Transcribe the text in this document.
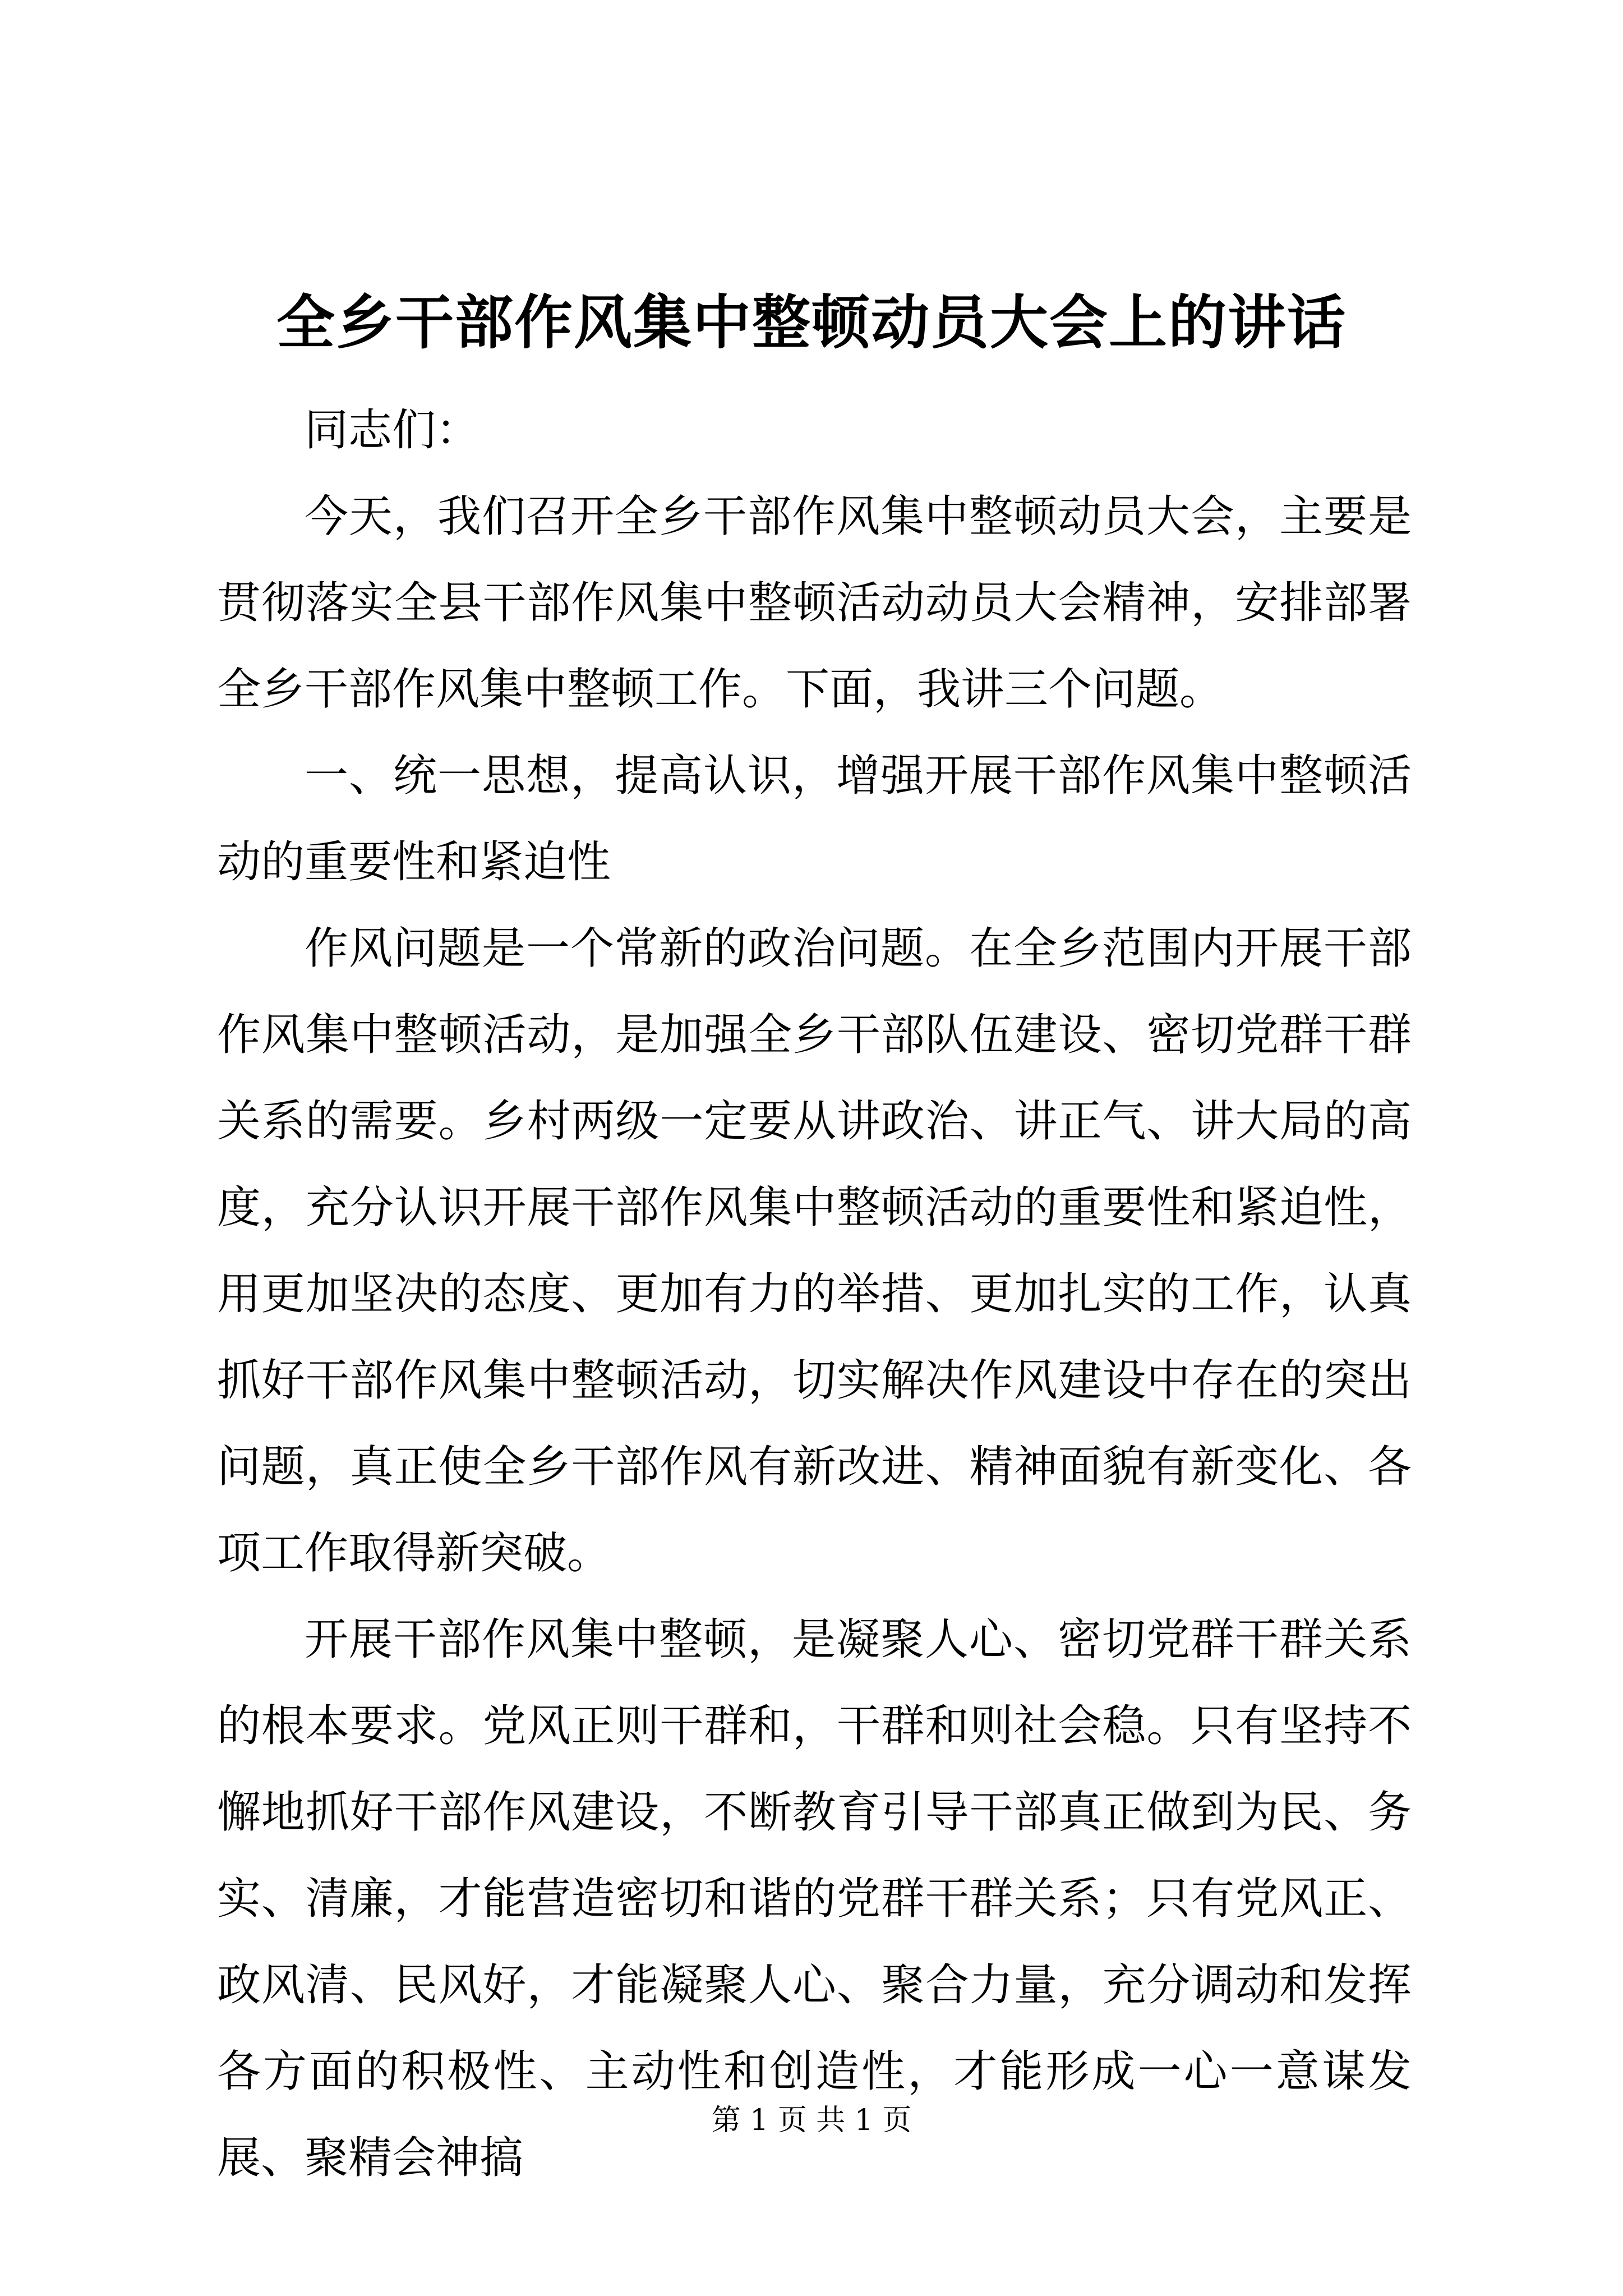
全乡干部作风集中整顿动员大会上的讲话

同志们：

今天，我们召开全乡干部作风集中整顿动员大会，主要是贯彻落实全县干部作风集中整顿活动动员大会精神，安排部署全乡干部作风集中整顿工作。下面，我讲三个问题。

一、统一思想，提高认识，增强开展干部作风集中整顿活动的重要性和紧迫性

作风问题是一个常新的政治问题。在全乡范围内开展干部作风集中整顿活动，是加强全乡干部队伍建设、密切党群干群关系的需要。乡村两级一定要从讲政治、讲正气、讲大局的高度，充分认识开展干部作风集中整顿活动的重要性和紧迫性，用更加坚决的态度、更加有力的举措、更加扎实的工作，认真抓好干部作风集中整顿活动，切实解决作风建设中存在的突出问题，真正使全乡干部作风有新改进、精神面貌有新变化、各项工作取得新突破。

开展干部作风集中整顿，是凝聚人心、密切党群干群关系的根本要求。党风正则干群和，干群和则社会稳。只有坚持不懈地抓好干部作风建设，不断教育引导干部真正做到为民、务实、清廉，才能营造密切和谐的党群干群关系；只有党风正、政风清、民风好，才能凝聚人心、聚合力量，充分调动和发挥各方面的积极性、主动性和创造性，才能形成一心一意谋发展、聚精会神搞

第 1 页 共 1 页
